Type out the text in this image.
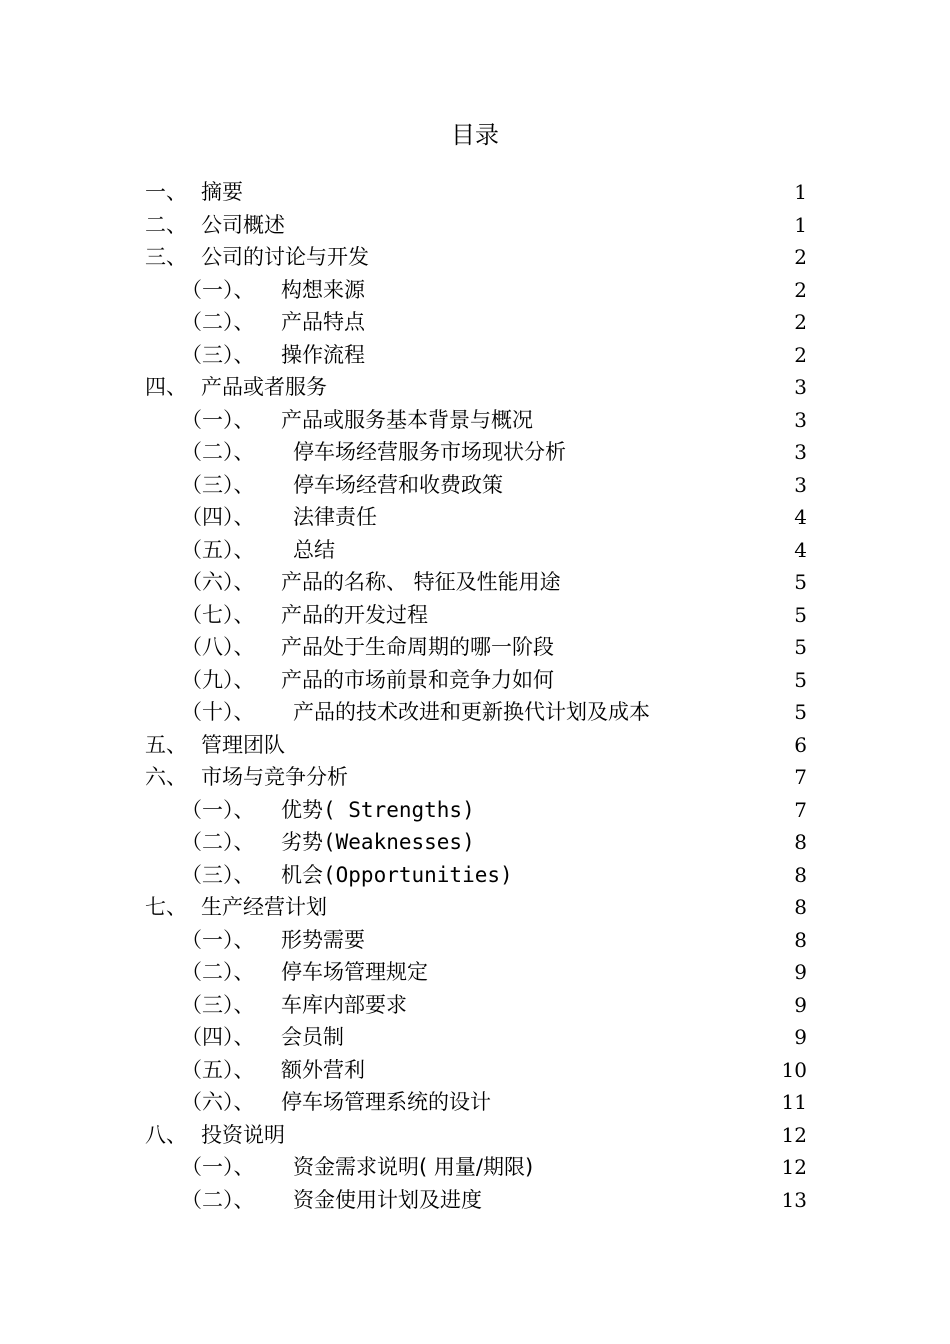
目录
一、 摘要	1
二、 公司概述	1
三、 公司的讨论与开发	2
（一）、 构想来源	2
（二）、 产品特点	2
（三）、 操作流程	2
四、 产品或者服务	3
（一）、 产品或服务基本背景与概况	3
（二）、 停车场经营服务市场现状分析	3
（三）、 停车场经营和收费政策	3
（四）、 法律责任	4
（五）、 总结	4
（六）、 产品的名称、 特征及性能用途	5
（七）、 产品的开发过程	5
（八）、 产品处于生命周期的哪一阶段	5
（九）、 产品的市场前景和竞争力如何	5
（十）、 产品的技术改进和更新换代计划及成本	5
五、 管理团队	6
六、 市场与竞争分析	7
（一）、 优势( Strengths)	7
（二）、 劣势(Weaknesses)	8
（三）、 机会(Opportunities)	8
七、 生产经营计划	8
（一）、 形势需要	8
（二）、 停车场管理规定	9
（三）、 车库内部要求	9
（四）、 会员制	9
（五）、 额外营利	10
（六）、 停车场管理系统的设计	11
八、 投资说明	12
（一）、 资金需求说明( 用量/期限)	12
（二）、 资金使用计划及进度	13
